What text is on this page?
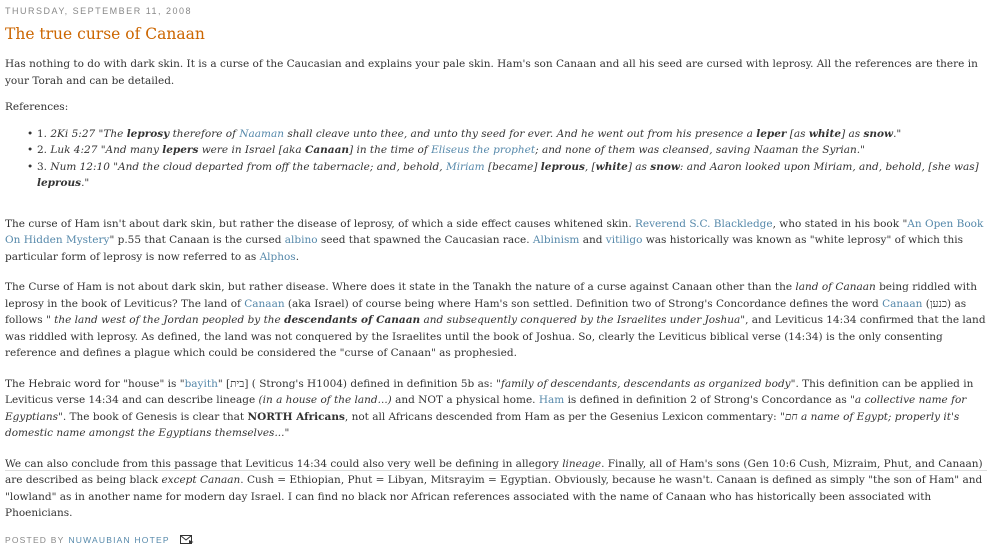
THURSDAY, SEPTEMBER 11, 2008
The true curse of Canaan

Has nothing to do with dark skin. It is a curse of the Caucasian and explains your pale skin. Ham's son Canaan and all his seed are cursed with leprosy. All the references are there in your Torah and can be detailed.

References:

• 1. 2Ki 5:27 "The leprosy therefore of Naaman shall cleave unto thee, and unto thy seed for ever. And he went out from his presence a leper [as white] as snow."
• 2. Luk 4:27 "And many lepers were in Israel [aka Canaan] in the time of Eliseus the prophet; and none of them was cleansed, saving Naaman the Syrian."
• 3. Num 12:10 "And the cloud departed from off the tabernacle; and, behold, Miriam [became] leprous, [white] as snow: and Aaron looked upon Miriam, and, behold, [she was] leprous."

The curse of Ham isn't about dark skin, but rather the disease of leprosy, of which a side effect causes whitened skin. Reverend S.C. Blackledge, who stated in his book "An Open Book On Hidden Mystery" p.55 that Canaan is the cursed albino seed that spawned the Caucasian race. Albinism and vitiligo was historically was known as "white leprosy" of which this particular form of leprosy is now referred to as Alphos.

The Curse of Ham is not about dark skin, but rather disease. Where does it state in the Tanakh the nature of a curse against Canaan other than the land of Canaan being riddled with leprosy in the book of Leviticus? The land of Canaan (aka Israel) of course being where Ham's son settled. Definition two of Strong's Concordance defines the word Canaan (כנען) as follows " the land west of the Jordan peopled by the descendants of Canaan and subsequently conquered by the Israelites under Joshua", and Leviticus 14:34 confirmed that the land was riddled with leprosy. As defined, the land was not conquered by the Israelites until the book of Joshua. So, clearly the Leviticus biblical verse (14:34) is the only consenting reference and defines a plague which could be considered the "curse of Canaan" as prophesied.

The Hebraic word for "house" is "bayith" [בית] ( Strong's H1004) defined in definition 5b as: "family of descendants, descendants as organized body". This definition can be applied in Leviticus verse 14:34 and can describe lineage (in a house of the land...) and NOT a physical home. Ham is defined in definition 2 of Strong's Concordance as "a collective name for Egyptians". The book of Genesis is clear that NORTH Africans, not all Africans descended from Ham as per the Gesenius Lexicon commentary: "חם a name of Egypt; properly it's domestic name amongst the Egyptians themselves..."

We can also conclude from this passage that Leviticus 14:34 could also very well be defining in allegory lineage. Finally, all of Ham's sons (Gen 10:6 Cush, Mizraim, Phut, and Canaan) are described as being black except Canaan. Cush = Ethiopian, Phut = Libyan, Mitsrayim = Egyptian. Obviously, because he wasn't. Canaan is defined as simply "the son of Ham" and "lowland" as in another name for modern day Israel. I can find no black nor African references associated with the name of Canaan who has historically been associated with Phoenicians.

POSTED BY NUWAUBIAN HOTEP
